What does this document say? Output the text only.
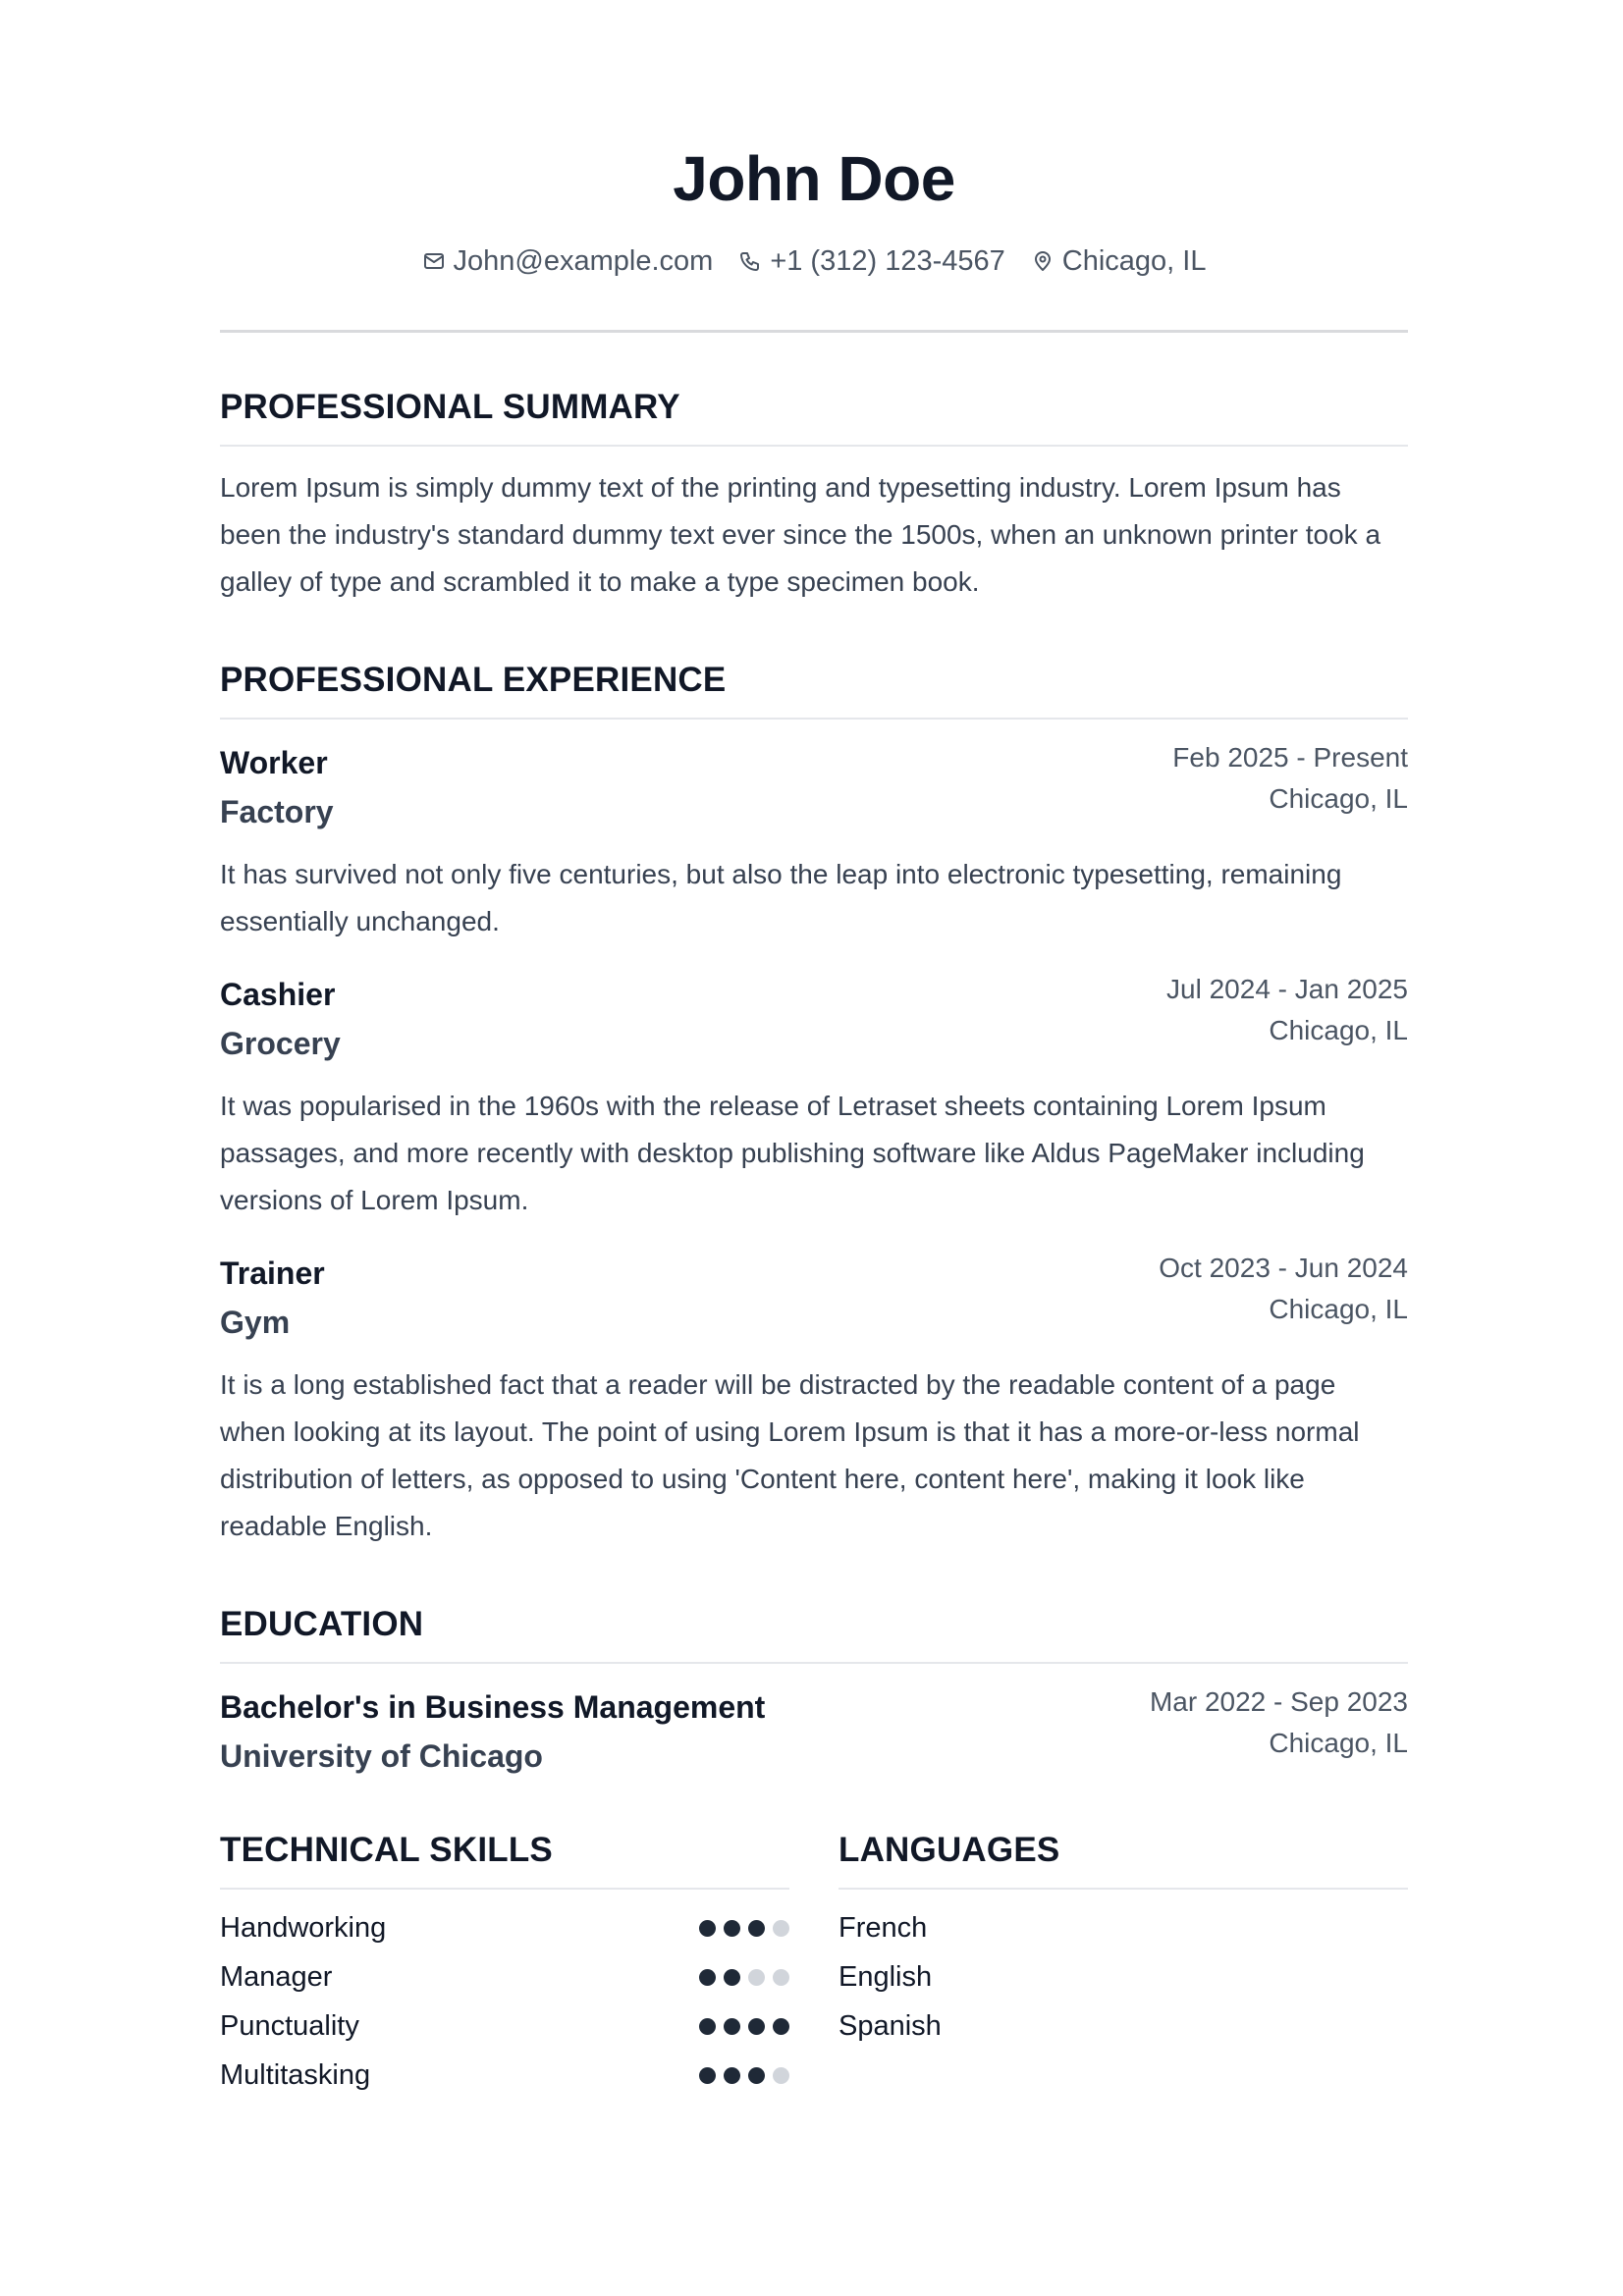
John Doe
John@example.com +1 (312) 123-4567 Chicago, IL
PROFESSIONAL SUMMARY

Lorem Ipsum is simply dummy text of the printing and typesetting industry. Lorem Ipsum has been the industry's standard dummy text ever since the 1500s, when an unknown printer took a galley of type and scrambled it to make a type specimen book.

PROFESSIONAL EXPERIENCE
Worker
Factory
Feb 2025 - Present
Chicago, IL

It has survived not only five centuries, but also the leap into electronic typesetting, remaining essentially unchanged.

Cashier
Grocery
Jul 2024 - Jan 2025
Chicago, IL

It was popularised in the 1960s with the release of Letraset sheets containing Lorem Ipsum passages, and more recently with desktop publishing software like Aldus PageMaker including versions of Lorem Ipsum.

Trainer
Gym
Oct 2023 - Jun 2024
Chicago, IL

It is a long established fact that a reader will be distracted by the readable content of a page when looking at its layout. The point of using Lorem Ipsum is that it has a more-or-less normal distribution of letters, as opposed to using 'Content here, content here', making it look like readable English.

EDUCATION
Bachelor's in Business Management
University of Chicago
Mar 2022 - Sep 2023
Chicago, IL
TECHNICAL SKILLS
Handworking
Manager
Punctuality
Multitasking
LANGUAGES
French
English
Spanish
